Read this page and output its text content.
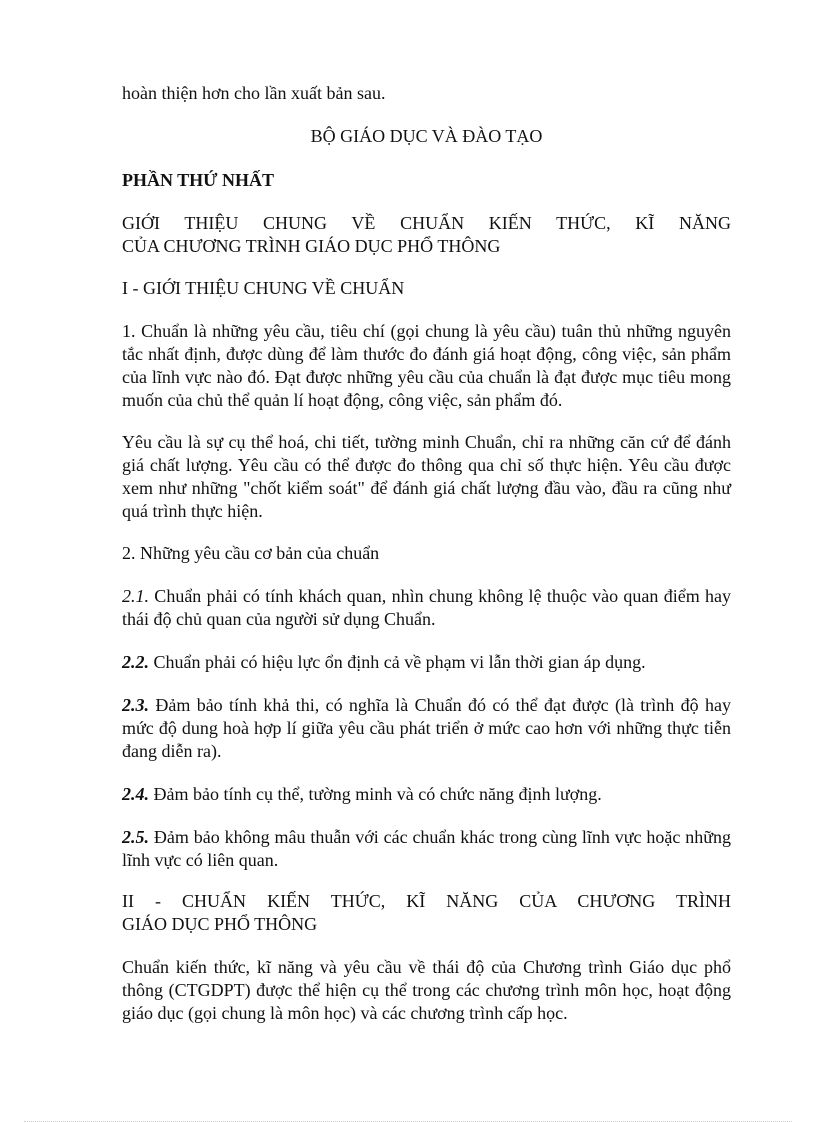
hoàn thiện hơn cho lần xuất bản sau.

BỘ GIÁO DỤC VÀ ĐÀO TẠO

PHẦN THỨ NHẤT

GIỚI THIỆU CHUNG VỀ CHUẨN KIẾN THỨC, KĨ NĂNG

CỦA CHƯƠNG TRÌNH GIÁO DỤC PHỔ THÔNG

I - GIỚI THIỆU CHUNG VỀ CHUẨN

1. Chuẩn là những yêu cầu, tiêu chí (gọi chung là yêu cầu) tuân thủ những nguyên tắc nhất định, được dùng để làm thước đo đánh giá hoạt động, công việc, sản phẩm của lĩnh vực nào đó. Đạt được những yêu cầu của chuẩn là đạt được mục tiêu mong muốn của chủ thể quản lí hoạt động, công việc, sản phẩm đó.

Yêu cầu là sự cụ thể hoá, chi tiết, tường minh Chuẩn, chỉ ra những căn cứ để đánh giá chất lượng. Yêu cầu có thể được đo thông qua chỉ số thực hiện. Yêu cầu được xem như những "chốt kiểm soát" để đánh giá chất lượng đầu vào, đầu ra cũng như quá trình thực hiện.

2. Những yêu cầu cơ bản của chuẩn

2.1. Chuẩn phải có tính khách quan, nhìn chung không lệ thuộc vào quan điểm hay thái độ chủ quan của người sử dụng Chuẩn.

2.2. Chuẩn phải có hiệu lực ổn định cả về phạm vi lẫn thời gian áp dụng.

2.3. Đảm bảo tính khả thi, có nghĩa là Chuẩn đó có thể đạt được (là trình độ hay mức độ dung hoà hợp lí giữa yêu cầu phát triển ở mức cao hơn với những thực tiễn đang diễn ra).

2.4. Đảm bảo tính cụ thể, tường minh và có chức năng định lượng.

2.5. Đảm bảo không mâu thuẫn với các chuẩn khác trong cùng lĩnh vực hoặc những lĩnh vực có liên quan.

II - CHUẨN KIẾN THỨC, KĨ NĂNG CỦA CHƯƠNG TRÌNH

GIÁO DỤC PHỔ THÔNG

Chuẩn kiến thức, kĩ năng và yêu cầu về thái độ của Chương trình Giáo dục phổ thông (CTGDPT) được thể hiện cụ thể trong các chương trình môn học, hoạt động giáo dục (gọi chung là môn học) và các chương trình cấp học.
